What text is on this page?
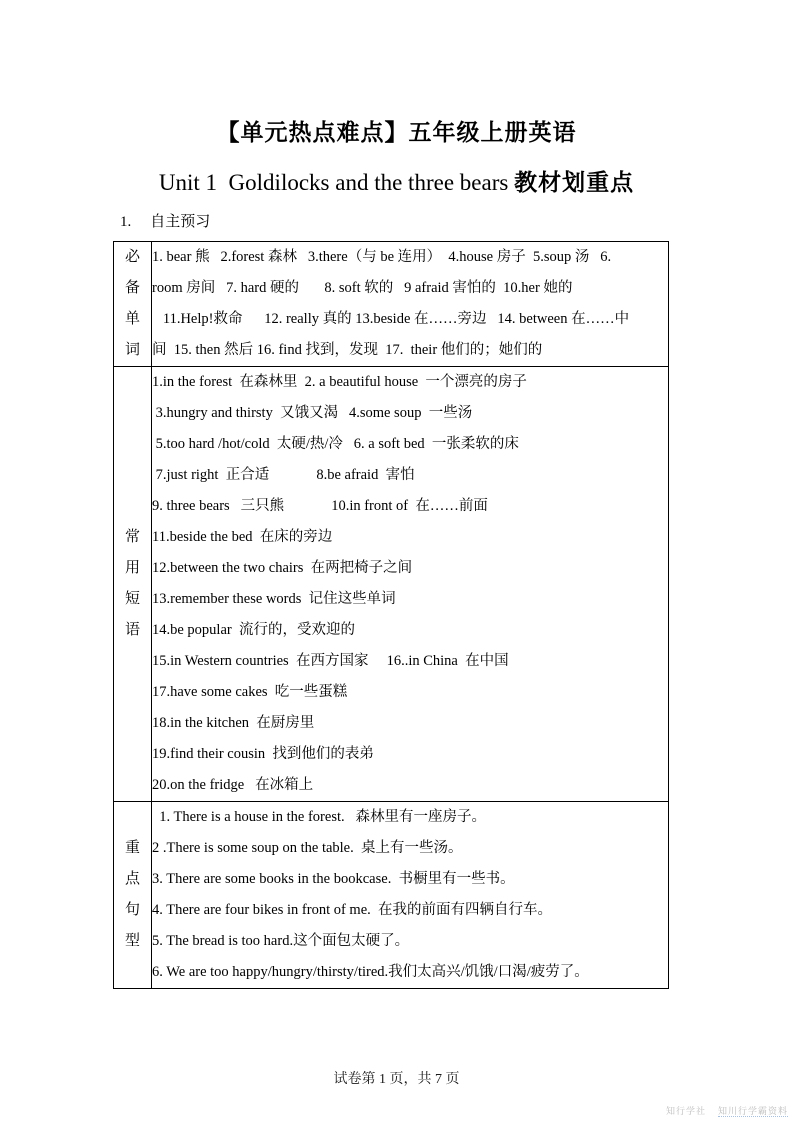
【单元热点难点】五年级上册英语
Unit 1  Goldilocks and the three bears 教材划重点
1. 自主预习
必
备
单
词

1. bear 熊   2.forest 森林   3.there（与 be 连用）  4.house 房子  5.soup 汤   6.
room 房间   7. hard 硬的       8. soft 软的   9 afraid 害怕的  10.her 她的
11.Help!救命      12. really 真的 13.beside 在……旁边   14. between 在……中
间  15. then 然后 16. find 找到，发现  17.  their 他们的；她们的

常
用
短
语

1.in the forest  在森林里  2. a beautiful house  一个漂亮的房子
3.hungry and thirsty  又饿又渴   4.some soup  一些汤
5.too hard /hot/cold  太硬/热/冷   6. a soft bed  一张柔软的床
7.just right  正合适             8.be afraid  害怕
9. three bears   三只熊             10.in front of  在……前面
11.beside the bed  在床的旁边
12.between the two chairs  在两把椅子之间
13.remember these words  记住这些单词
14.be popular  流行的，受欢迎的
15.in Western countries  在西方国家     16..in China  在中国
17.have some cakes  吃一些蛋糕
18.in the kitchen  在厨房里
19.find their cousin  找到他们的表弟
20.on the fridge   在冰箱上

重
点
句
型

1. There is a house in the forest.   森林里有一座房子。
2 .There is some soup on the table.  桌上有一些汤。
3. There are some books in the bookcase.  书橱里有一些书。
4. There are four bikes in front of me.  在我的前面有四辆自行车。
5. The bread is too hard.这个面包太硬了。
6. We are too happy/hungry/thirsty/tired.我们太高兴/饥饿/口渴/疲劳了。
试卷第 1 页，共 7 页
知行学社 知川行学霸资料
